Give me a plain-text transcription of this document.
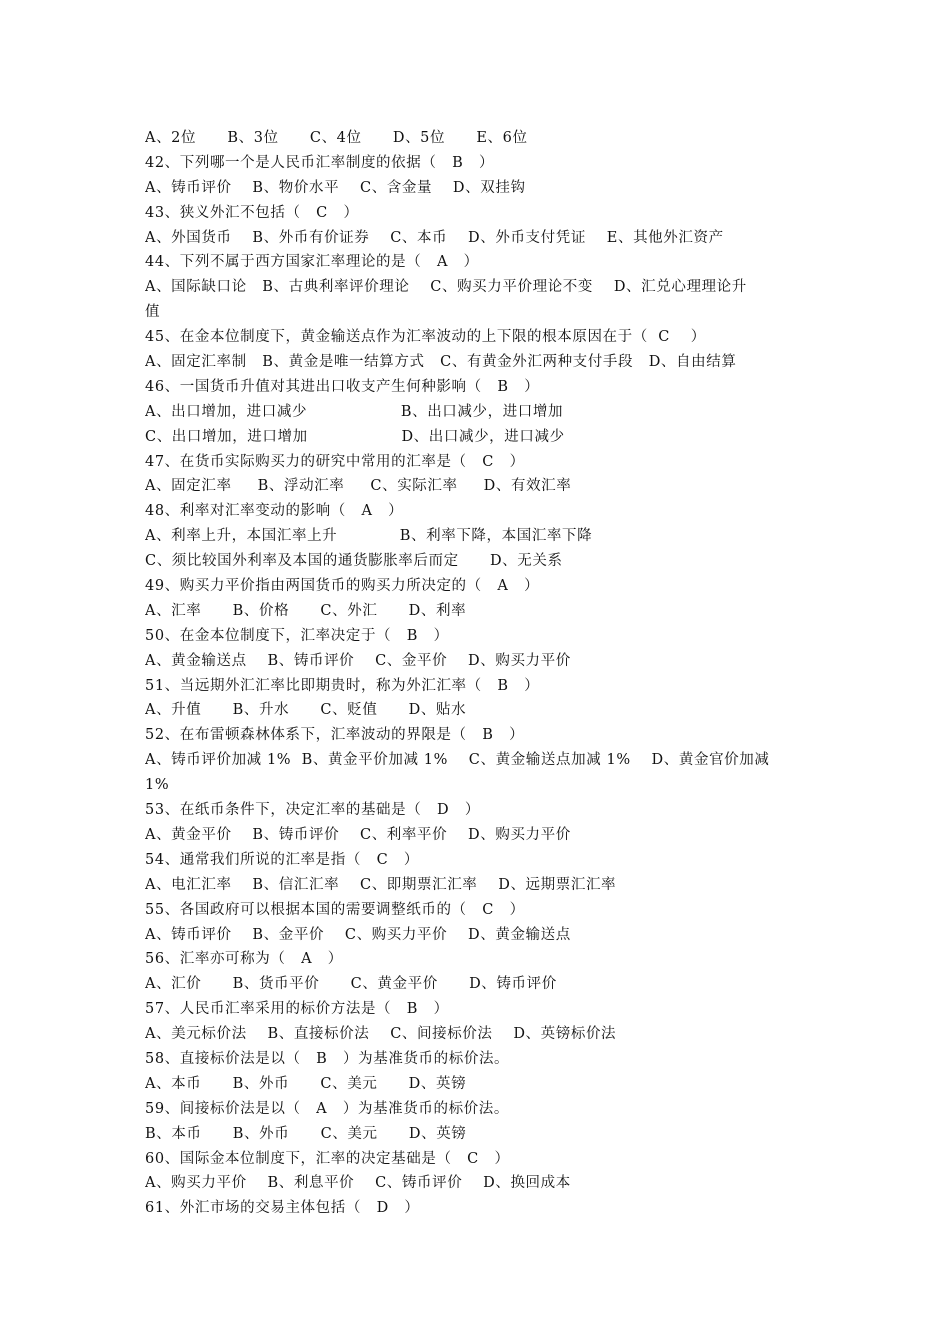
A、2位      B、3位      C、4位      D、5位      E、6位
42、下列哪一个是人民币汇率制度的依据（   B   ）
A、铸币评价    B、物价水平    C、含金量    D、双挂钩
43、狭义外汇不包括（   C   ）
A、外国货币    B、外币有价证券    C、本币    D、外币支付凭证    E、其他外汇资产
44、下列不属于西方国家汇率理论的是（   A   ）
A、国际缺口论   B、古典利率评价理论    C、购买力平价理论不变    D、汇兑心理理论升
值
45、在金本位制度下，黄金输送点作为汇率波动的上下限的根本原因在于（  C    ）
A、固定汇率制   B、黄金是唯一结算方式   C、有黄金外汇两种支付手段   D、自由结算
46、一国货币升值对其进出口收支产生何种影响（   B   ）
A、出口增加，进口减少                  B、出口减少，进口增加
C、出口增加，进口增加                  D、出口减少，进口减少
47、在货币实际购买力的研究中常用的汇率是（   C   ）
A、固定汇率     B、浮动汇率     C、实际汇率     D、有效汇率
48、利率对汇率变动的影响（   A   ）
A、利率上升，本国汇率上升            B、利率下降，本国汇率下降
C、须比较国外利率及本国的通货膨胀率后而定      D、无关系
49、购买力平价指由两国货币的购买力所决定的（   A   ）
A、汇率      B、价格      C、外汇      D、利率
50、在金本位制度下，汇率决定于（   B   ）
A、黄金输送点    B、铸币评价    C、金平价    D、购买力平价
51、当远期外汇汇率比即期贵时，称为外汇汇率（   B   ）
A、升值      B、升水      C、贬值      D、贴水
52、在布雷顿森林体系下，汇率波动的界限是（   B   ）
A、铸币评价加减 1%  B、黄金平价加减 1%    C、黄金输送点加减 1%    D、黄金官价加减
1%
53、在纸币条件下，决定汇率的基础是（   D   ）
A、黄金平价    B、铸币评价    C、利率平价    D、购买力平价
54、通常我们所说的汇率是指（   C   ）
A、电汇汇率    B、信汇汇率    C、即期票汇汇率    D、远期票汇汇率
55、各国政府可以根据本国的需要调整纸币的（   C   ）
A、铸币评价    B、金平价    C、购买力平价    D、黄金输送点
56、汇率亦可称为（   A   ）
A、汇价      B、货币平价      C、黄金平价      D、铸币评价
57、人民币汇率采用的标价方法是（   B   ）
A、美元标价法    B、直接标价法    C、间接标价法    D、英镑标价法
58、直接标价法是以（   B   ）为基准货币的标价法。
A、本币      B、外币      C、美元      D、英镑
59、间接标价法是以（   A   ）为基准货币的标价法。
B、本币      B、外币      C、美元      D、英镑
60、国际金本位制度下，汇率的决定基础是（   C   ）
A、购买力平价    B、利息平价    C、铸币评价    D、换回成本
61、外汇市场的交易主体包括（   D   ）
